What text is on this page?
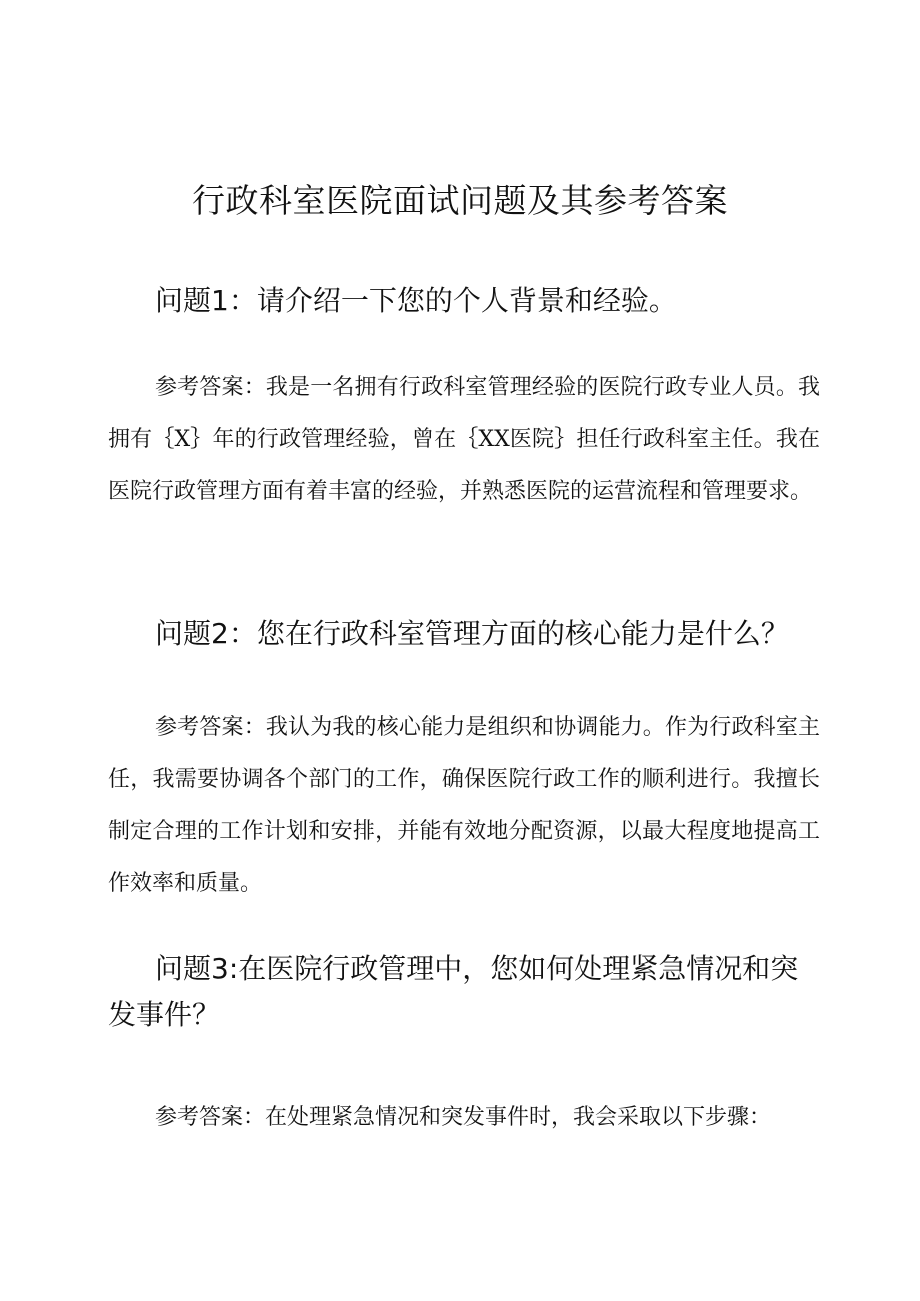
行政科室医院面试问题及其参考答案
问题1：请介绍一下您的个人背景和经验。

参考答案：我是一名拥有行政科室管理经验的医院行政专业人员。我拥有｛X｝年的行政管理经验，曾在｛XX医院｝担任行政科室主任。我在医院行政管理方面有着丰富的经验，并熟悉医院的运营流程和管理要求。

问题2：您在行政科室管理方面的核心能力是什么？

参考答案：我认为我的核心能力是组织和协调能力。作为行政科室主任，我需要协调各个部门的工作，确保医院行政工作的顺利进行。我擅长制定合理的工作计划和安排，并能有效地分配资源，以最大程度地提高工作效率和质量。

问题3:在医院行政管理中，您如何处理紧急情况和突发事件？

参考答案：在处理紧急情况和突发事件时，我会采取以下步骤：
